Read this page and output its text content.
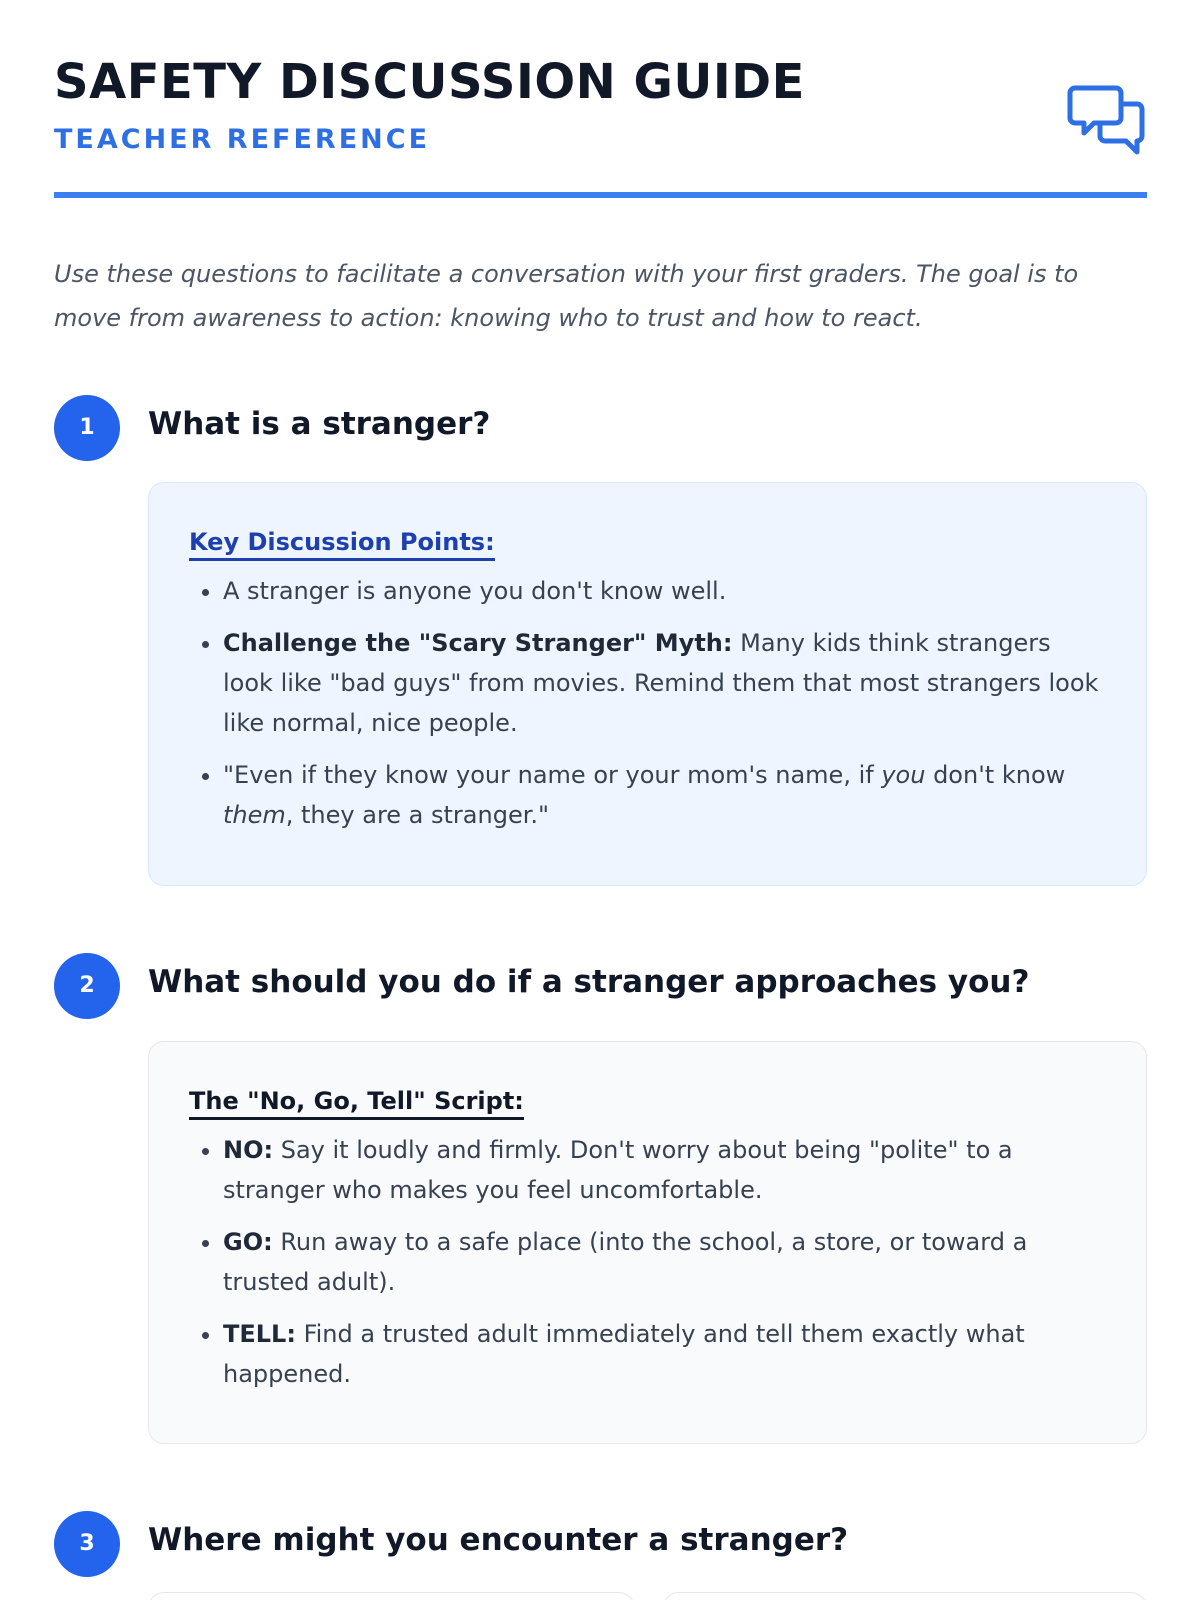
SAFETY DISCUSSION GUIDE
TEACHER REFERENCE

Use these questions to facilitate a conversation with your first graders. The goal is to move from awareness to action: knowing who to trust and how to react.

1	What is a stranger?
Key Discussion Points:
• A stranger is anyone you don't know well.
• Challenge the "Scary Stranger" Myth: Many kids think strangers look like "bad guys" from movies. Remind them that most strangers look like normal, nice people.
• "Even if they know your name or your mom's name, if you don't know them, they are a stranger."
2	What should you do if a stranger approaches you?
The "No, Go, Tell" Script:
• NO: Say it loudly and firmly. Don't worry about being "polite" to a stranger who makes you feel uncomfortable.
• GO: Run away to a safe place (into the school, a store, or toward a trusted adult).
• TELL: Find a trusted adult immediately and tell them exactly what happened.
3	Where might you encounter a stranger?
